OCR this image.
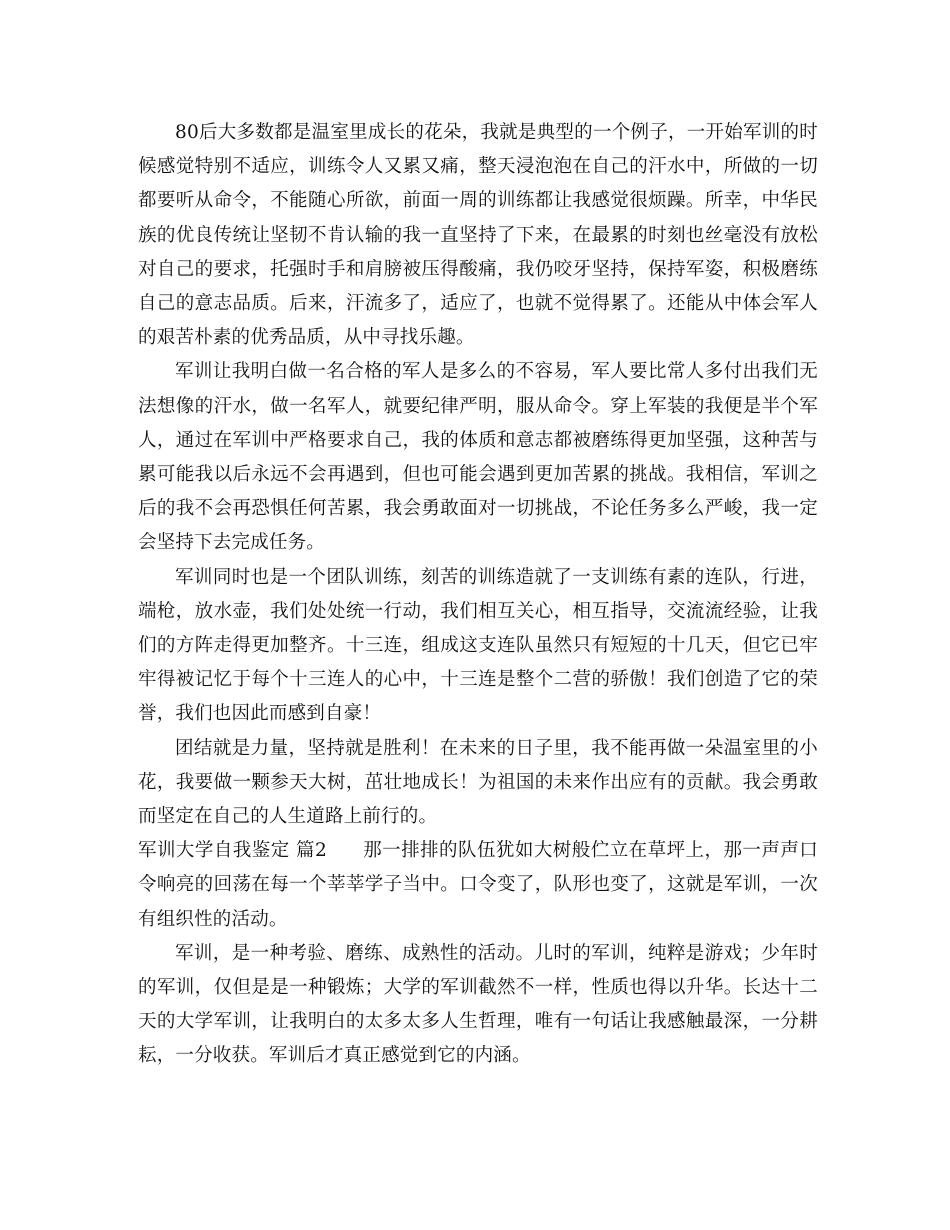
80后大多数都是温室里成长的花朵，我就是典型的一个例子，一开始军训的时候感觉特别不适应，训练令人又累又痛，整天浸泡泡在自己的汗水中，所做的一切都要听从命令，不能随心所欲，前面一周的训练都让我感觉很烦躁。所幸，中华民族的优良传统让坚韧不肯认输的我一直坚持了下来，在最累的时刻也丝毫没有放松对自己的要求，托强时手和肩膀被压得酸痛，我仍咬牙坚持，保持军姿，积极磨练自己的意志品质。后来，汗流多了，适应了，也就不觉得累了。还能从中体会军人的艰苦朴素的优秀品质，从中寻找乐趣。

军训让我明白做一名合格的军人是多么的不容易，军人要比常人多付出我们无法想像的汗水，做一名军人，就要纪律严明，服从命令。穿上军装的我便是半个军人，通过在军训中严格要求自己，我的体质和意志都被磨练得更加坚强，这种苦与累可能我以后永远不会再遇到，但也可能会遇到更加苦累的挑战。我相信，军训之后的我不会再恐惧任何苦累，我会勇敢面对一切挑战，不论任务多么严峻，我一定会坚持下去完成任务。

军训同时也是一个团队训练，刻苦的训练造就了一支训练有素的连队，行进，端枪，放水壶，我们处处统一行动，我们相互关心，相互指导，交流流经验，让我们的方阵走得更加整齐。十三连，组成这支连队虽然只有短短的十几天，但它已牢牢得被记忆于每个十三连人的心中，十三连是整个二营的骄傲！我们创造了它的荣誉，我们也因此而感到自豪！

团结就是力量，坚持就是胜利！在未来的日子里，我不能再做一朵温室里的小花，我要做一颗参天大树，茁壮地成长！为祖国的未来作出应有的贡献。我会勇敢而坚定在自己的人生道路上前行的。

军训大学自我鉴定 篇2 那一排排的队伍犹如大树般伫立在草坪上，那一声声口令响亮的回荡在每一个莘莘学子当中。口令变了，队形也变了，这就是军训，一次有组织性的活动。

军训，是一种考验、磨练、成熟性的活动。儿时的军训，纯粹是游戏；少年时的军训，仅但是是一种锻炼；大学的军训截然不一样，性质也得以升华。长达十二天的大学军训，让我明白的太多太多人生哲理，唯有一句话让我感触最深，一分耕耘，一分收获。军训后才真正感觉到它的内涵。
